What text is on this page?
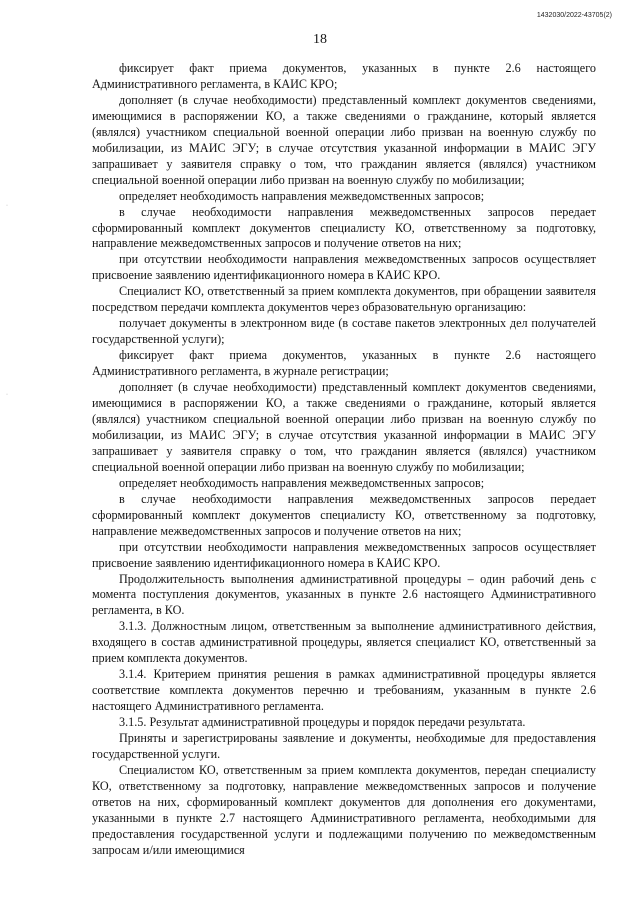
1432030/2022-43705(2)
18
·
·

фиксирует факт приема документов, указанных в пункте 2.6 настоящего Административного регламента, в КАИС КРО;

дополняет (в случае необходимости) представленный комплект документов сведениями, имеющимися в распоряжении КО, а также сведениями о гражданине, который является (являлся) участником специальной военной операции либо призван на военную службу по мобилизации, из МАИС ЭГУ; в случае отсутствия указанной информации в МАИС ЭГУ запрашивает у заявителя справку о том, что гражданин является (являлся) участником специальной военной операции либо призван на военную службу по мобилизации;

определяет необходимость направления межведомственных запросов;

в случае необходимости направления межведомственных запросов передает сформированный комплект документов специалисту КО, ответственному за подготовку, направление межведомственных запросов и получение ответов на них;

при отсутствии необходимости направления межведомственных запросов осуществляет присвоение заявлению идентификационного номера в КАИС КРО.

Специалист КО, ответственный за прием комплекта документов, при обращении заявителя посредством передачи комплекта документов через образовательную организацию:

получает документы в электронном виде (в составе пакетов электронных дел получателей государственной услуги);

фиксирует факт приема документов, указанных в пункте 2.6 настоящего Административного регламента, в журнале регистрации;

дополняет (в случае необходимости) представленный комплект документов сведениями, имеющимися в распоряжении КО, а также сведениями о гражданине, который является (являлся) участником специальной военной операции либо призван на военную службу по мобилизации, из МАИС ЭГУ; в случае отсутствия указанной информации в МАИС ЭГУ запрашивает у заявителя справку о том, что гражданин является (являлся) участником специальной военной операции либо призван на военную службу по мобилизации;

определяет необходимость направления межведомственных запросов;

в случае необходимости направления межведомственных запросов передает сформированный комплект документов специалисту КО, ответственному за подготовку, направление межведомственных запросов и получение ответов на них;

при отсутствии необходимости направления межведомственных запросов осуществляет присвоение заявлению идентификационного номера в КАИС КРО.

Продолжительность выполнения административной процедуры – один рабочий день с момента поступления документов, указанных в пункте 2.6 настоящего Административного регламента, в КО.

3.1.3. Должностным лицом, ответственным за выполнение административного действия, входящего в состав административной процедуры, является специалист КО, ответственный за прием комплекта документов.

3.1.4. Критерием принятия решения в рамках административной процедуры является соответствие комплекта документов перечню и требованиям, указанным в пункте 2.6 настоящего Административного регламента.

3.1.5. Результат административной процедуры и порядок передачи результата.

Приняты и зарегистрированы заявление и документы, необходимые для предоставления государственной услуги.

Специалистом КО, ответственным за прием комплекта документов, передан специалисту КО, ответственному за подготовку, направление межведомственных запросов и получение ответов на них, сформированный комплект документов для дополнения его документами, указанными в пункте 2.7 настоящего Административного регламента, необходимыми для предоставления государственной услуги и подлежащими получению по межведомственным запросам и/или имеющимися
